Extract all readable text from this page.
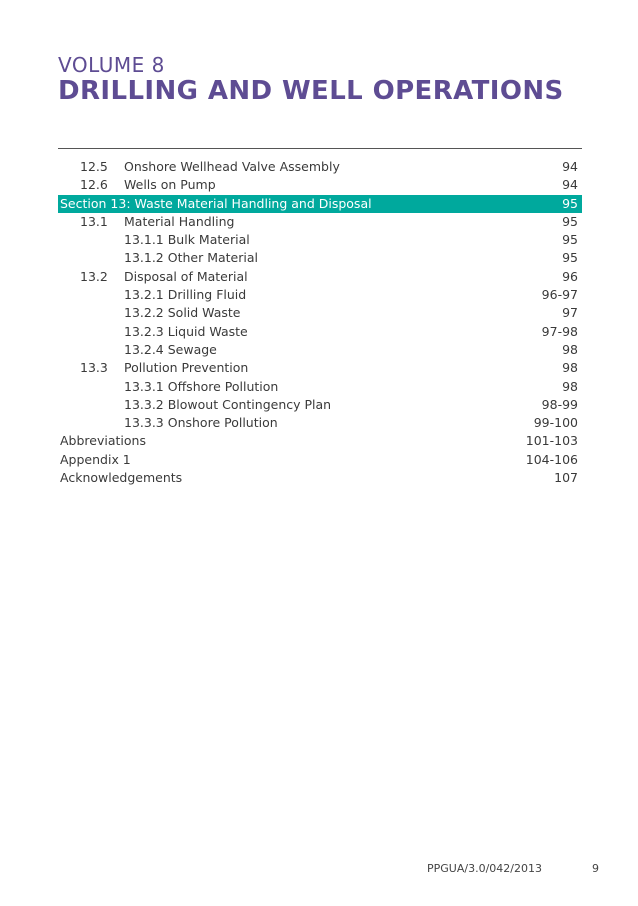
VOLUME 8
DRILLING AND WELL OPERATIONS
12.5 Onshore Wellhead Valve Assembly	94
12.6 Wells on Pump	94
Section 13: Waste Material Handling and Disposal	95
13.1 Material Handling	95
13.1.1 Bulk Material	95
13.1.2 Other Material	95
13.2 Disposal of Material	96
13.2.1 Drilling Fluid	96-97
13.2.2 Solid Waste	97
13.2.3 Liquid Waste	97-98
13.2.4 Sewage	98
13.3 Pollution Prevention	98
13.3.1 Offshore Pollution	98
13.3.2 Blowout Contingency Plan	98-99
13.3.3 Onshore Pollution	99-100
Abbreviations	101-103
Appendix 1	104-106
Acknowledgements	107
PPGUA/3.0/042/2013	9
